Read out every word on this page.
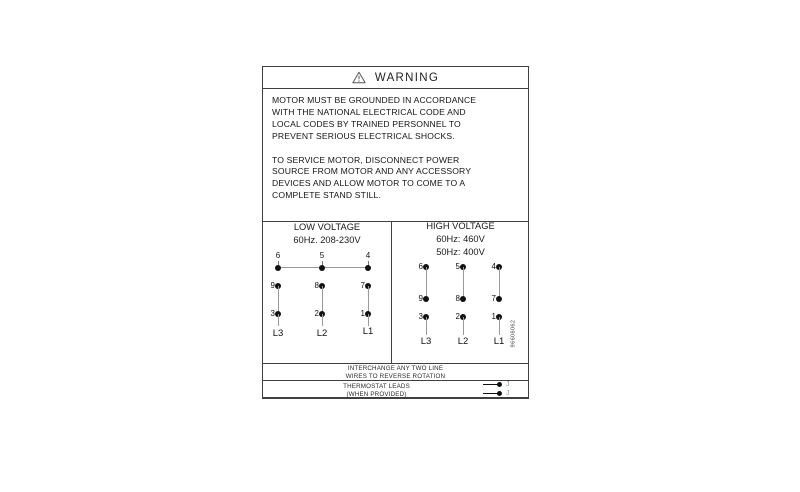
WARNING
MOTOR MUST BE GROUNDED IN ACCORDANCE
WITH THE NATIONAL ELECTRICAL CODE AND
LOCAL CODES BY TRAINED PERSONNEL TO
PREVENT SERIOUS ELECTRICAL SHOCKS.
TO SERVICE MOTOR, DISCONNECT POWER
SOURCE FROM MOTOR AND ANY ACCESSORY
DEVICES AND ALLOW MOTOR TO COME TO A
COMPLETE STAND STILL.
LOW VOLTAGE
60Hz. 208-230V
6	5	4
9	8	7
3	2	1
L3	L2	L1
HIGH VOLTAGE
60Hz: 460V
50Hz: 400V
6	5	4
9	8	7
3	2	1
L3	L2	L1	96606062
INTERCHANGE ANY TWO LINE
WIRES TO REVERSE ROTATION
THERMOSTAT LEADS
(WHEN PROVIDED)
J
J
